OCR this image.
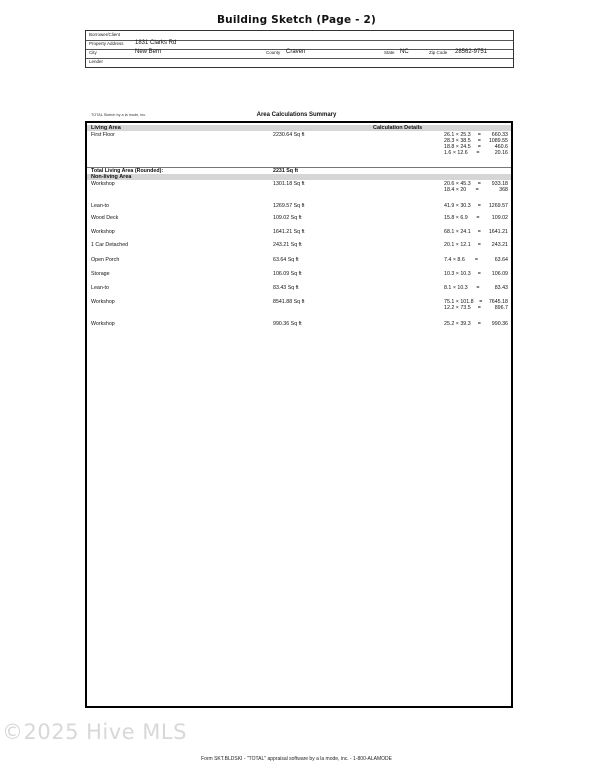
Building Sketch (Page - 2)
Borrower/Client
Property Address 1831 Clarks Rd
City	New Bern	County Craven	State NC	Zip Code 28562-9751
Lender
TOTAL Sketch by a la mode, inc.	Area Calculations Summary
Living Area	Calculation Details
First Floor	2230.64 Sq ft	26.1 × 25.3 =	660.33
28.3 × 38.5 = 1089.55
18.8 × 24.5 =	460.6
1.6 × 12.6 =	20.16
Total Living Area (Rounded):	2231 Sq ft
Non-living Area
Workshop	1301.18 Sq ft	20.6 × 45.3 =	933.18
18.4 × 20 =	368
Lean-to	1269.57 Sq ft	41.9 × 30.3 = 1269.57
Wood Deck	109.02 Sq ft	15.8 × 6.9 =	109.02
Workshop	1641.21 Sq ft	68.1 × 24.1 = 1641.21
1 Car Detached	243.21 Sq ft	20.1 × 12.1 =	243.21
Open Porch	63.64 Sq ft	7.4 × 8.6 =	63.64
Storage	106.09 Sq ft	10.3 × 10.3 =	106.09
Lean-to	83.43 Sq ft	8.1 × 10.3 =	83.43
Workshop	8541.88 Sq ft	75.1 × 101.8 = 7645.18
12.2 × 73.5 =	896.7
Workshop	990.36 Sq ft	25.2 × 39.3 =	990.36
©2025 Hive MLS
Form SKT.BLDSKI - "TOTAL" appraisal software by a la mode, inc. - 1-800-ALAMODE
